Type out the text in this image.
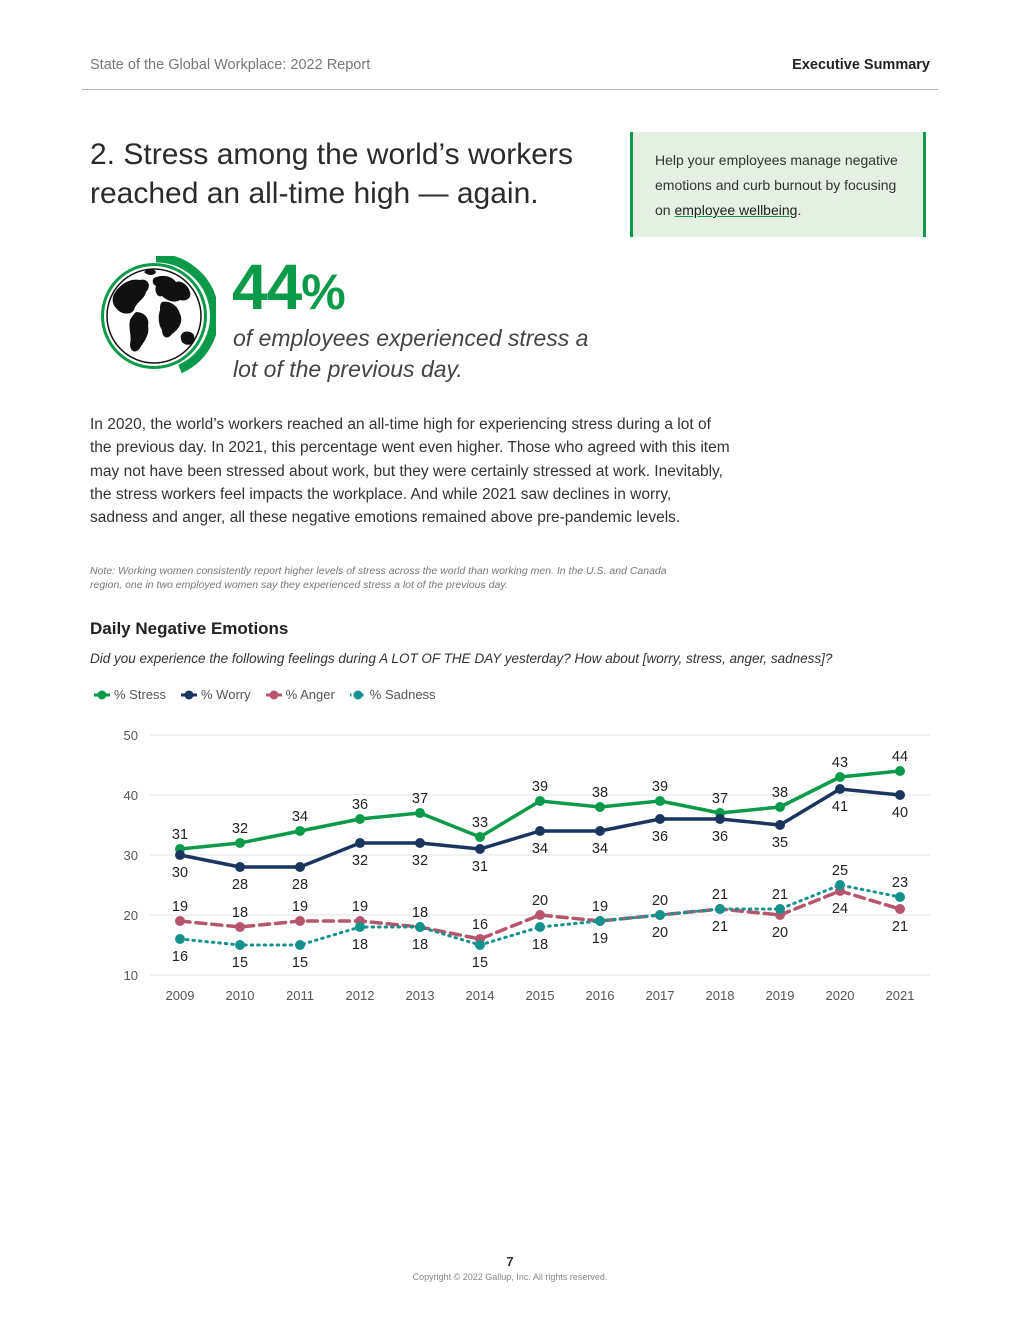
State of the Global Workplace: 2022 Report	Executive Summary
2. Stress among the world’s workers reached an all-time high — again.
Help your employees manage negative emotions and curb burnout by focusing on employee wellbeing.
44%
of employees experienced stress a lot of the previous day.

In 2020, the world’s workers reached an all-time high for experiencing stress during a lot of the previous day. In 2021, this percentage went even higher. Those who agreed with this item may not have been stressed about work, but they were certainly stressed at work. Inevitably, the stress workers feel impacts the workplace. And while 2021 saw declines in worry, sadness and anger, all these negative emotions remained above pre-pandemic levels.

Note: Working women consistently report higher levels of stress across the world than working men. In the U.S. and Canada region, one in two employed women say they experienced stress a lot of the previous day.
Daily Negative Emotions
Did you experience the following feelings during A LOT OF THE DAY yesterday? How about [worry, stress, anger, sadness]?
% Stress	% Worry	% Anger	% Sadness
10
20
30
40
50
2009 2010 2011 2012 2013 2014 2015 2016 2017 2018 2019 2020 2021
31	32
34
36	37
33
39	38	39
37	38
43	44
30
28	28
32	32	31
34	34
36	36	35
41	40
19	18	19	19	18
16
20	19	20	21
20
24
21
16	15	15
18	18
15
18	19	20	21
21
25
23
7
Copyright © 2022 Gallup, Inc. All rights reserved.
